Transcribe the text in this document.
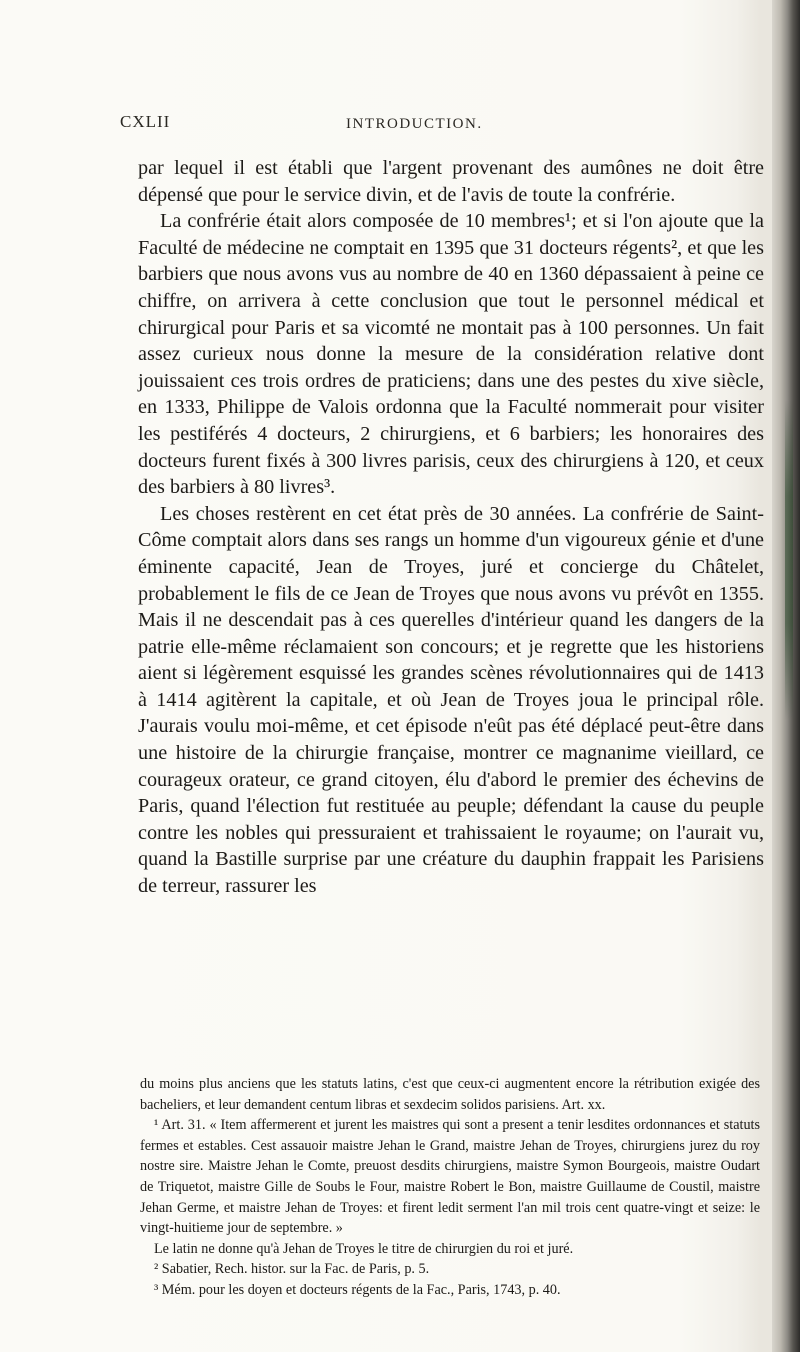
CXLII	INTRODUCTION.

par lequel il est établi que l'argent provenant des aumônes ne doit être dépensé que pour le service divin, et de l'avis de toute la confrérie.

La confrérie était alors composée de 10 membres¹; et si l'on ajoute que la Faculté de médecine ne comptait en 1395 que 31 docteurs régents², et que les barbiers que nous avons vus au nombre de 40 en 1360 dépassaient à peine ce chiffre, on arrivera à cette conclusion que tout le personnel médical et chirurgical pour Paris et sa vicomté ne montait pas à 100 personnes. Un fait assez curieux nous donne la mesure de la considération relative dont jouissaient ces trois ordres de praticiens; dans une des pestes du xive siècle, en 1333, Philippe de Valois ordonna que la Faculté nommerait pour visiter les pestiférés 4 docteurs, 2 chirurgiens, et 6 barbiers; les honoraires des docteurs furent fixés à 300 livres parisis, ceux des chirurgiens à 120, et ceux des barbiers à 80 livres³.

Les choses restèrent en cet état près de 30 années. La confrérie de Saint-Côme comptait alors dans ses rangs un homme d'un vigoureux génie et d'une éminente capacité, Jean de Troyes, juré et concierge du Châtelet, probablement le fils de ce Jean de Troyes que nous avons vu prévôt en 1355. Mais il ne descendait pas à ces querelles d'intérieur quand les dangers de la patrie elle-même réclamaient son concours; et je regrette que les historiens aient si légèrement esquissé les grandes scènes révolutionnaires qui de 1413 à 1414 agitèrent la capitale, et où Jean de Troyes joua le principal rôle. J'aurais voulu moi-même, et cet épisode n'eût pas été déplacé peut-être dans une histoire de la chirurgie française, montrer ce magnanime vieillard, ce courageux orateur, ce grand citoyen, élu d'abord le premier des échevins de Paris, quand l'élection fut restituée au peuple; défendant la cause du peuple contre les nobles qui pressuraient et trahissaient le royaume; on l'aurait vu, quand la Bastille surprise par une créature du dauphin frappait les Parisiens de terreur, rassurer les

du moins plus anciens que les statuts latins, c'est que ceux-ci augmentent encore la rétribution exigée des bacheliers, et leur demandent centum libras et sexdecim solidos parisiens. Art. xx.

¹ Art. 31. « Item affermerent et jurent les maistres qui sont a present a tenir lesdites ordonnances et statuts fermes et estables. Cest assauoir maistre Jehan le Grand, maistre Jehan de Troyes, chirurgiens jurez du roy nostre sire. Maistre Jehan le Comte, preuost desdits chirurgiens, maistre Symon Bourgeois, maistre Oudart de Triquetot, maistre Gille de Soubs le Four, maistre Robert le Bon, maistre Guillaume de Coustil, maistre Jehan Germe, et maistre Jehan de Troyes: et firent ledit serment l'an mil trois cent quatre-vingt et seize: le vingt-huitieme jour de septembre. »

Le latin ne donne qu'à Jehan de Troyes le titre de chirurgien du roi et juré.

² Sabatier, Rech. histor. sur la Fac. de Paris, p. 5.

³ Mém. pour les doyen et docteurs régents de la Fac., Paris, 1743, p. 40.
